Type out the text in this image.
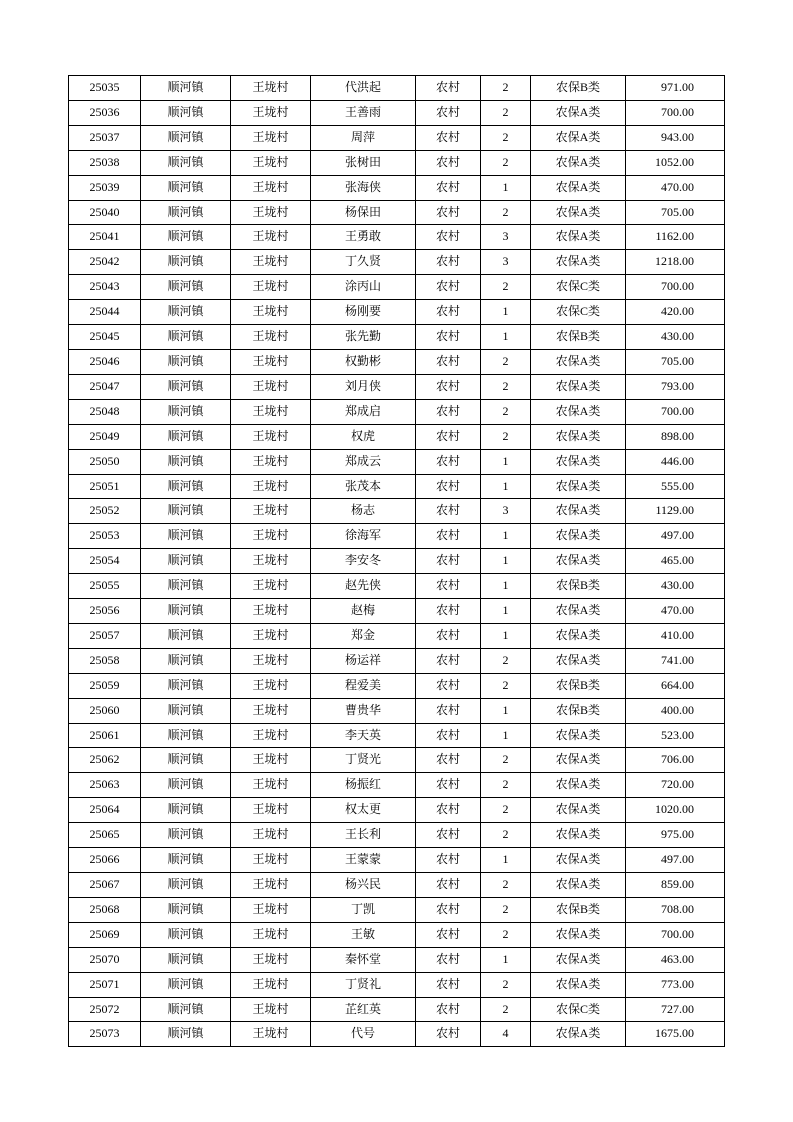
25035	顺河镇	王垅村	代洪起	农村	2	农保B类	971.00
25036	顺河镇	王垅村	王善雨	农村	2	农保A类	700.00
25037	顺河镇	王垅村	周萍	农村	2	农保A类	943.00
25038	顺河镇	王垅村	张树田	农村	2	农保A类	1052.00
25039	顺河镇	王垅村	张海侠	农村	1	农保A类	470.00
25040	顺河镇	王垅村	杨保田	农村	2	农保A类	705.00
25041	顺河镇	王垅村	王勇敢	农村	3	农保A类	1162.00
25042	顺河镇	王垅村	丁久贤	农村	3	农保A类	1218.00
25043	顺河镇	王垅村	涂丙山	农村	2	农保C类	700.00
25044	顺河镇	王垅村	杨刚要	农村	1	农保C类	420.00
25045	顺河镇	王垅村	张先勤	农村	1	农保B类	430.00
25046	顺河镇	王垅村	权勤彬	农村	2	农保A类	705.00
25047	顺河镇	王垅村	刘月侠	农村	2	农保A类	793.00
25048	顺河镇	王垅村	郑成启	农村	2	农保A类	700.00
25049	顺河镇	王垅村	权虎	农村	2	农保A类	898.00
25050	顺河镇	王垅村	郑成云	农村	1	农保A类	446.00
25051	顺河镇	王垅村	张茂本	农村	1	农保A类	555.00
25052	顺河镇	王垅村	杨志	农村	3	农保A类	1129.00
25053	顺河镇	王垅村	徐海军	农村	1	农保A类	497.00
25054	顺河镇	王垅村	李安冬	农村	1	农保A类	465.00
25055	顺河镇	王垅村	赵先侠	农村	1	农保B类	430.00
25056	顺河镇	王垅村	赵梅	农村	1	农保A类	470.00
25057	顺河镇	王垅村	郑金	农村	1	农保A类	410.00
25058	顺河镇	王垅村	杨运祥	农村	2	农保A类	741.00
25059	顺河镇	王垅村	程爱美	农村	2	农保B类	664.00
25060	顺河镇	王垅村	曹贵华	农村	1	农保B类	400.00
25061	顺河镇	王垅村	李天英	农村	1	农保A类	523.00
25062	顺河镇	王垅村	丁贤光	农村	2	农保A类	706.00
25063	顺河镇	王垅村	杨振红	农村	2	农保A类	720.00
25064	顺河镇	王垅村	权太更	农村	2	农保A类	1020.00
25065	顺河镇	王垅村	王长利	农村	2	农保A类	975.00
25066	顺河镇	王垅村	王蒙蒙	农村	1	农保A类	497.00
25067	顺河镇	王垅村	杨兴民	农村	2	农保A类	859.00
25068	顺河镇	王垅村	丁凯	农村	2	农保B类	708.00
25069	顺河镇	王垅村	王敏	农村	2	农保A类	700.00
25070	顺河镇	王垅村	秦怀堂	农村	1	农保A类	463.00
25071	顺河镇	王垅村	丁贤礼	农村	2	农保A类	773.00
25072	顺河镇	王垅村	芷红英	农村	2	农保C类	727.00
25073	顺河镇	王垅村	代号	农村	4	农保A类	1675.00
